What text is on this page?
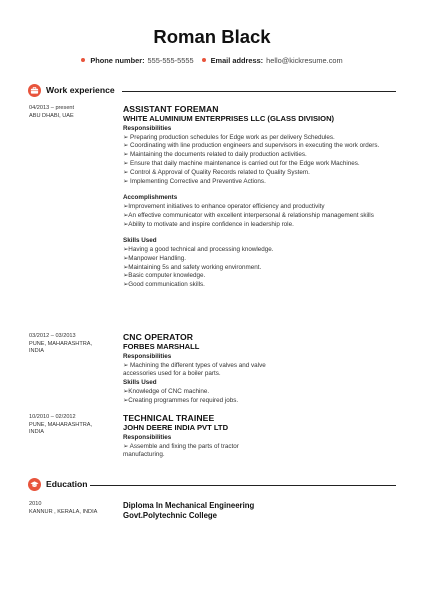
Roman Black
Phone number: 555-555-5555 Email address: hello@kickresume.com
Work experience
04/2013 – present
ABU DHABI, UAE
ASSISTANT FOREMAN
WHITE ALUMINIUM ENTERPRISES LLC (GLASS DIVISION)
Responsibilities
➢ Preparing production schedules for Edge work as per delivery Schedules.
➢ Coordinating with line production engineers and supervisors in executing the work orders.
➢ Maintaining the documents related to daily production activities.
➢ Ensure that daily machine maintenance is carried out for the Edge work Machines.
➢ Control & Approval of Quality Records related to Quality System.
➢ Implementing Corrective and Preventive Actions.
Accomplishments
➢Improvement initiatives to enhance operator efficiency and productivity
➢An effective communicator with excellent interpersonal & relationship management skills
➢Ability to motivate and inspire confidence in leadership role.
Skills Used
➢Having a good technical and processing knowledge.
➢Manpower Handling.
➢Maintaining 5s and safety working environment.
➢Basic computer knowledge.
➢Good communication skills.
03/2012 – 03/2013
PUNE, MAHARASHTRA, INDIA
CNC OPERATOR
FORBES MARSHALL
Responsibilities
➢ Machining the different types of valves and valve accessories used for a boiler parts.
Skills Used
➢Knowledge of CNC machine.
➢Creating programmes for required jobs.
10/2010 – 02/2012
PUNE, MAHARASHTRA, INDIA
TECHNICAL TRAINEE
JOHN DEERE INDIA PVT LTD
Responsibilities
➢ Assemble and fixing the parts of tractor manufacturing.
Education
2010
KANNUR , KERALA, INDIA
Diploma In Mechanical Engineering
Govt.Polytechnic College
